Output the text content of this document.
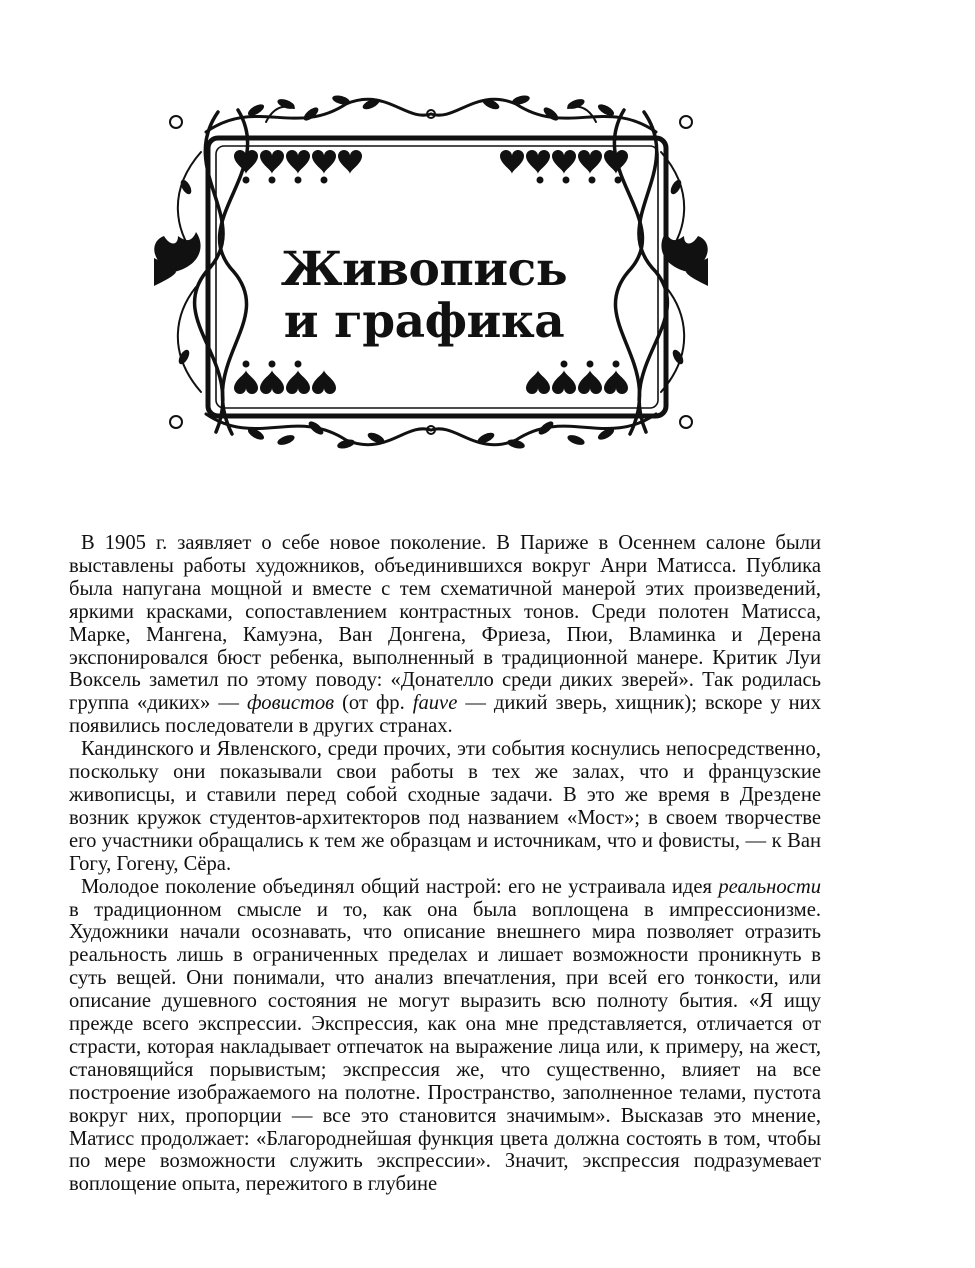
Живопись
и графика

В 1905 г. заявляет о себе новое поколение. В Париже в Осеннем салоне были выставлены работы художников, объединившихся вокруг Анри Матисса. Публика была напугана мощной и вместе с тем схематичной манерой этих произведений, яркими красками, сопоставлением контрастных тонов. Среди полотен Матисса, Марке, Мангена, Камуэна, Ван Донгена, Фриеза, Пюи, Вламинка и Дерена экспонировался бюст ребенка, выполненный в традиционной манере. Критик Луи Воксель заметил по этому поводу: «Донателло среди диких зверей». Так родилась группа «диких» — фовистов (от фр. fauve — дикий зверь, хищник); вскоре у них появились последователи в других странах.

Кандинского и Явленского, среди прочих, эти события коснулись непосредственно, поскольку они показывали свои работы в тех же залах, что и французские живописцы, и ставили перед собой сходные задачи. В это же время в Дрездене возник кружок студентов-архитекторов под названием «Мост»; в своем творчестве его участники обращались к тем же образцам и источникам, что и фовисты, — к Ван Гогу, Гогену, Сёра.

Молодое поколение объединял общий настрой: его не устраивала идея реальности в традиционном смысле и то, как она была воплощена в импрессионизме. Художники начали осознавать, что описание внешнего мира позволяет отразить реальность лишь в ограниченных пределах и лишает возможности проникнуть в суть вещей. Они понимали, что анализ впечатления, при всей его тонкости, или описание душевного состояния не могут выразить всю полноту бытия. «Я ищу прежде всего экспрессии. Экспрессия, как она мне представляется, отличается от страсти, которая накладывает отпечаток на выражение лица или, к примеру, на жест, становящийся порывистым; экспрессия же, что существенно, влияет на все построение изображаемого на полотне. Пространство, заполненное телами, пустота вокруг них, пропорции — все это становится значимым». Высказав это мнение, Матисс продолжает: «Благороднейшая функция цвета должна состоять в том, чтобы по мере возможности служить экспрессии». Значит, экспрессия подразумевает воплощение опыта, пережитого в глубине
